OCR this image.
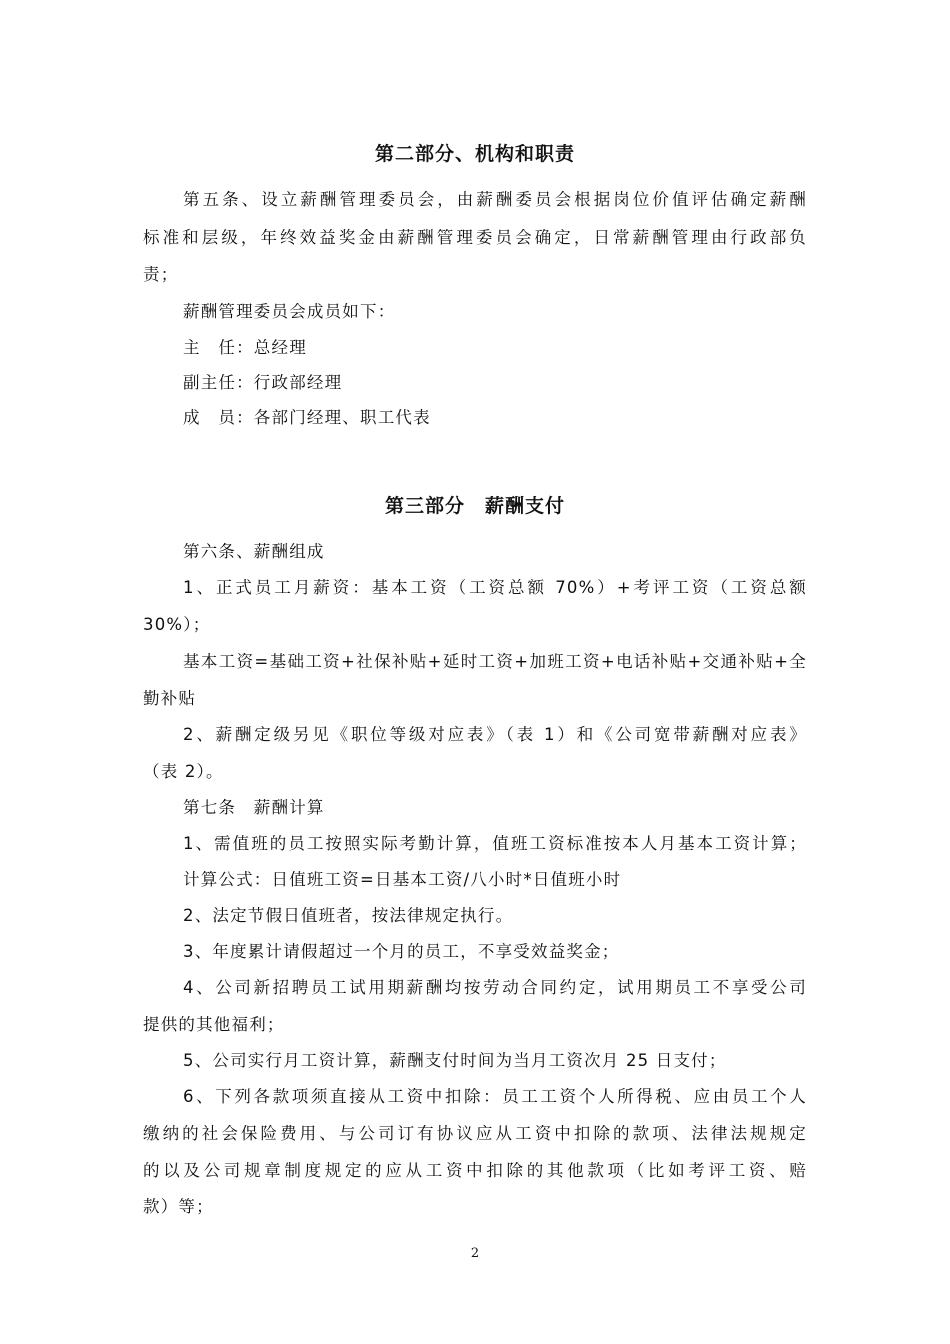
第二部分、机构和职责
第五条、设立薪酬管理委员会，由薪酬委员会根据岗位价值评估确定薪酬
标准和层级，年终效益奖金由薪酬管理委员会确定，日常薪酬管理由行政部负
责；
薪酬管理委员会成员如下：
主　任：总经理
副主任：行政部经理
成　员：各部门经理、职工代表
第三部分　薪酬支付
第六条、薪酬组成
1、正式员工月薪资：基本工资（工资总额 70%）+考评工资（工资总额
30%）；
基本工资=基础工资+社保补贴+延时工资+加班工资+电话补贴+交通补贴+全
勤补贴
2、薪酬定级另见《职位等级对应表》（表 1）和《公司宽带薪酬对应表》
（表 2）。
第七条　薪酬计算
1、需值班的员工按照实际考勤计算，值班工资标准按本人月基本工资计算；
计算公式：日值班工资=日基本工资/八小时*日值班小时
2、法定节假日值班者，按法律规定执行。
3、年度累计请假超过一个月的员工，不享受效益奖金；
4、公司新招聘员工试用期薪酬均按劳动合同约定，试用期员工不享受公司
提供的其他福利；
5、公司实行月工资计算，薪酬支付时间为当月工资次月 25 日支付；
6、下列各款项须直接从工资中扣除：员工工资个人所得税、应由员工个人
缴纳的社会保险费用、与公司订有协议应从工资中扣除的款项、法律法规规定
的以及公司规章制度规定的应从工资中扣除的其他款项（比如考评工资、赔
款）等；
2
